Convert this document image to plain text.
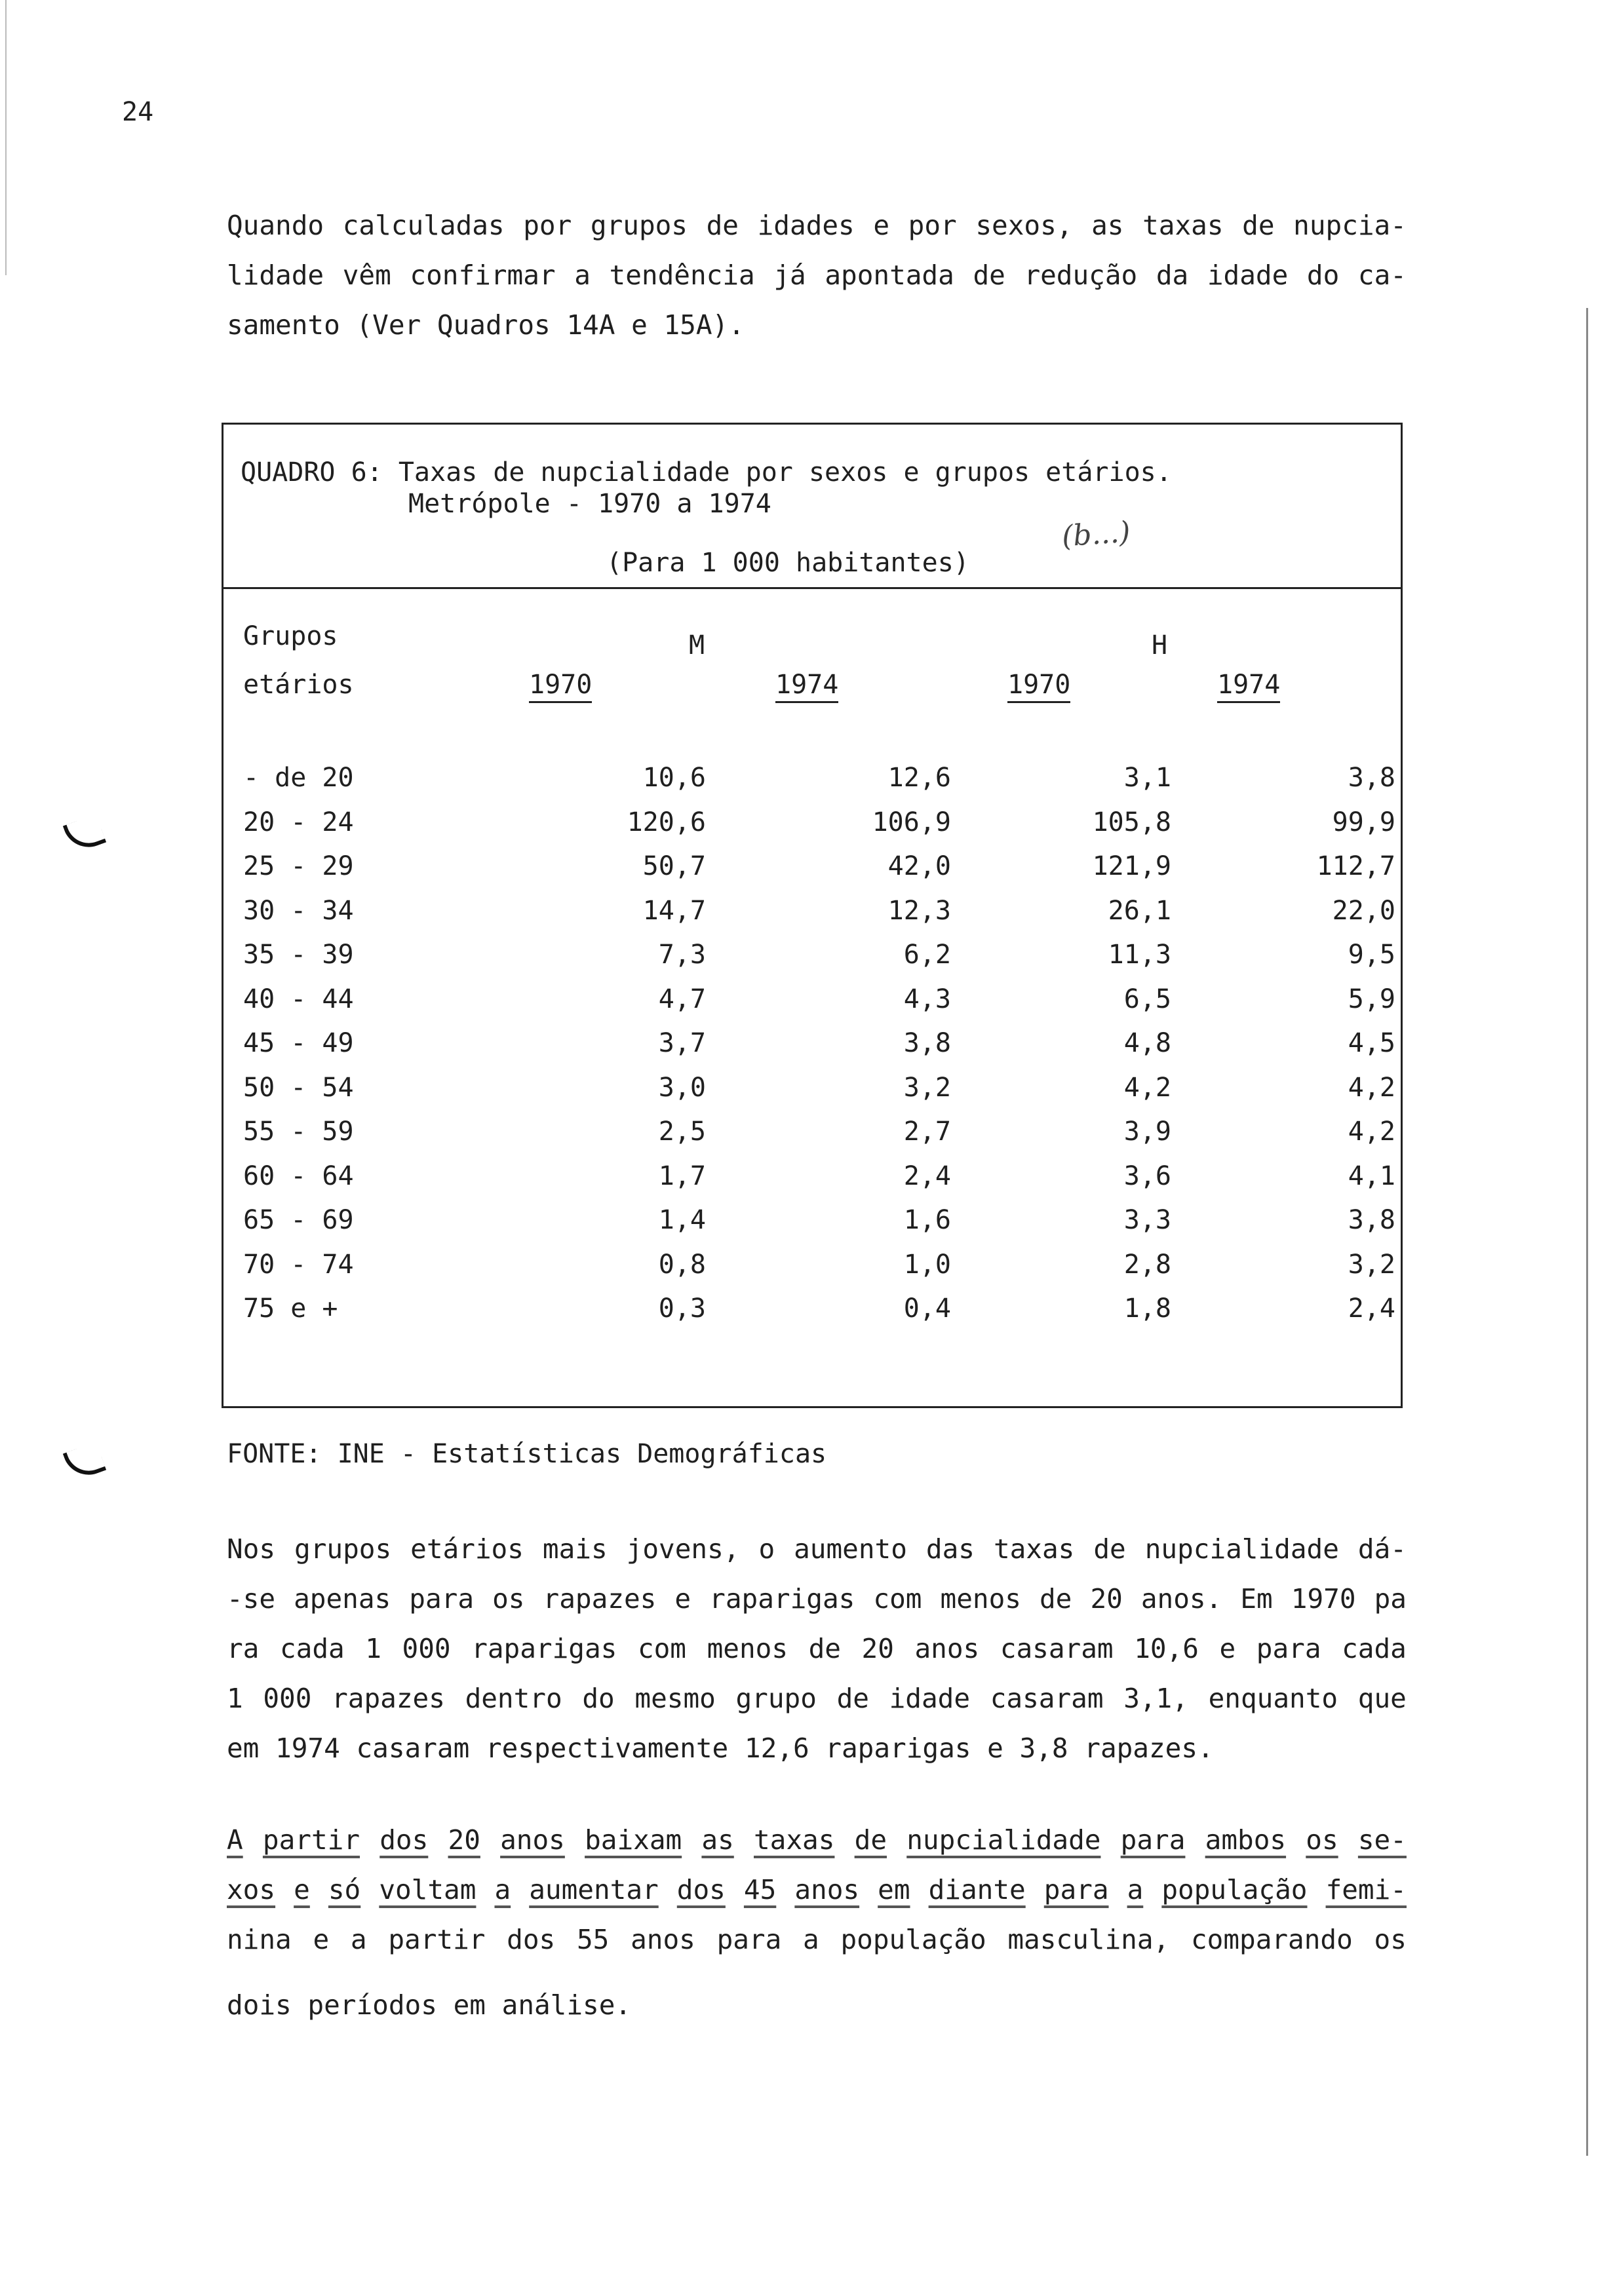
24
Quando calculadas por grupos de idades e por sexos, as taxas de nupcia-
lidade vêm confirmar a tendência já apontada de redução da idade do ca-
samento (Ver Quadros 14A e 15A).
QUADRO 6: Taxas de nupcialidade por sexos e grupos etários.
Metrópole - 1970 a 1974
(Para 1 000 habitantes)
Grupos
etários
M	H
1970	1974	1970	1974
- de 20	10,6	12,6	3,1	3,8
20 - 24	120,6	106,9	105,8	99,9
25 - 29	50,7	42,0	121,9	112,7
30 - 34	14,7	12,3	26,1	22,0
35 - 39	7,3	6,2	11,3	9,5
40 - 44	4,7	4,3	6,5	5,9
45 - 49	3,7	3,8	4,8	4,5
50 - 54	3,0	3,2	4,2	4,2
55 - 59	2,5	2,7	3,9	4,2
60 - 64	1,7	2,4	3,6	4,1
65 - 69	1,4	1,6	3,3	3,8
70 - 74	0,8	1,0	2,8	3,2
75 e +	0,3	0,4	1,8	2,4
(b...)
FONTE: INE - Estatísticas Demográficas
Nos grupos etários mais jovens, o aumento das taxas de nupcialidade dá-
-se apenas para os rapazes e raparigas com menos de 20 anos. Em 1970 pa
ra cada 1 000 raparigas com menos de 20 anos casaram 10,6 e para cada
1 000 rapazes dentro do mesmo grupo de idade casaram 3,1, enquanto que
em 1974 casaram respectivamente 12,6 raparigas e 3,8 rapazes.
A partir dos 20 anos baixam as taxas de nupcialidade para ambos os se-
xos e só voltam a aumentar dos 45 anos em diante para a população femi-
nina e a partir dos 55 anos para a população masculina, comparando os
dois períodos em análise.
